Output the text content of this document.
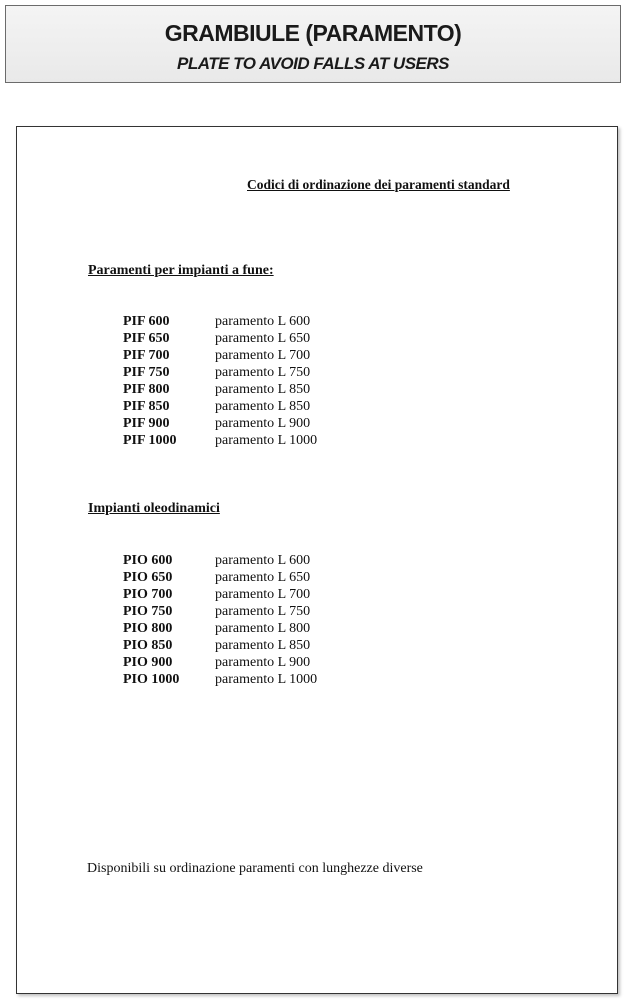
GRAMBIULE (PARAMENTO)
PLATE TO AVOID FALLS AT USERS
Codici di ordinazione dei paramenti standard
Paramenti per impianti a fune:
PIF 600	paramento L 600
PIF 650	paramento L 650
PIF 700	paramento L 700
PIF 750	paramento L 750
PIF 800	paramento L 850
PIF 850	paramento L 850
PIF 900	paramento L 900
PIF 1000	paramento L 1000
Impianti oleodinamici
PIO 600	paramento L 600
PIO 650	paramento L 650
PIO 700	paramento L 700
PIO 750	paramento L 750
PIO 800	paramento L 800
PIO 850	paramento L 850
PIO 900	paramento L 900
PIO 1000	paramento L 1000
Disponibili su ordinazione paramenti con lunghezze diverse
